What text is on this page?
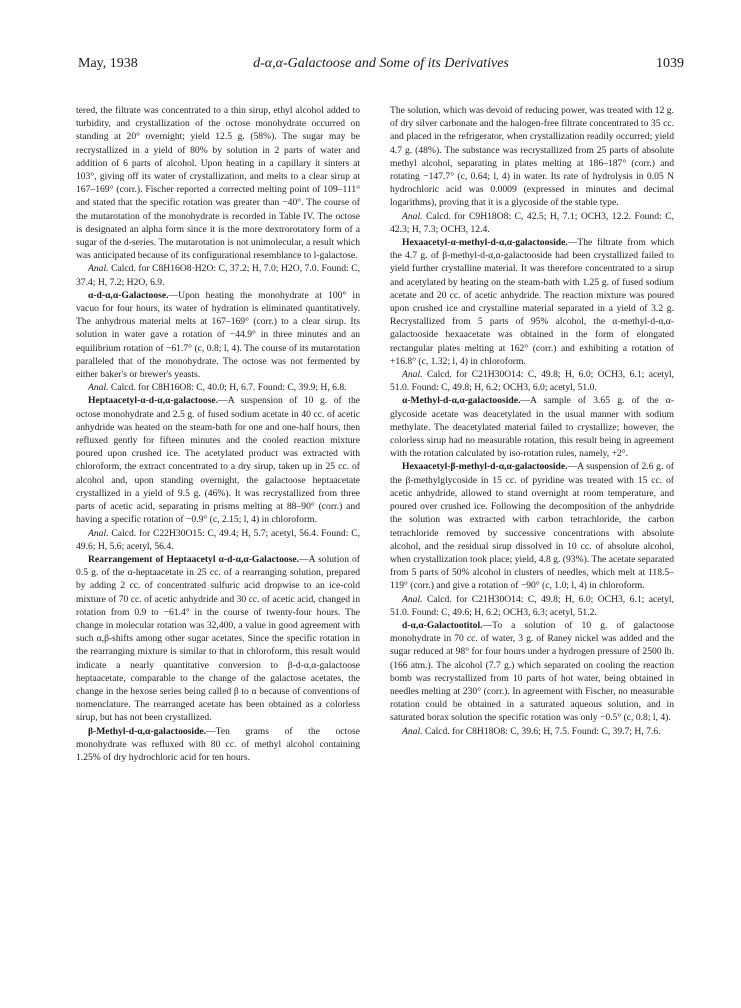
May, 1938	d-α,α-Galactoose and Some of its Derivatives	1039

tered, the filtrate was concentrated to a thin sirup, ethyl alcohol added to turbidity, and crystallization of the octose monohydrate occurred on standing at 20° overnight; yield 12.5 g. (58%). The sugar may be recrystallized in a yield of 80% by solution in 2 parts of water and addition of 6 parts of alcohol. Upon heating in a capillary it sinters at 103°, giving off its water of crystallization, and melts to a clear sirup at 167–169° (corr.). Fischer reported a corrected melting point of 109–111° and stated that the specific rotation was greater than −40°. The course of the mutarotation of the monohydrate is recorded in Table IV. The octose is designated an alpha form since it is the more dextrorotatory form of a sugar of the d-series. The mutarotation is not unimolecular, a result which was anticipated because of its configurational resemblance to l-galactose.

Anal. Calcd. for C8H16O8·H2O: C, 37.2; H, 7.0; H2O, 7.0. Found: C, 37.4; H, 7.2; H2O, 6.9.

α-d-α,α-Galactoose.—Upon heating the monohydrate at 100° in vacuo for four hours, its water of hydration is eliminated quantitatively. The anhydrous material melts at 167–169° (corr.) to a clear sirup. Its solution in water gave a rotation of −44.9° in three minutes and an equilibrium rotation of −61.7° (c, 0.8; l, 4). The course of its mutarotation paralleled that of the monohydrate. The octose was not fermented by either baker's or brewer's yeasts.

Anal. Calcd. for C8H16O8: C, 40.0; H, 6.7. Found: C, 39.9; H, 6.8.

Heptaacetyl-α-d-α,α-galactoose.—A suspension of 10 g. of the octose monohydrate and 2.5 g. of fused sodium acetate in 40 cc. of acetic anhydride was heated on the steam-bath for one and one-half hours, then refluxed gently for fifteen minutes and the cooled reaction mixture poured upon crushed ice. The acetylated product was extracted with chloroform, the extract concentrated to a dry sirup, taken up in 25 cc. of alcohol and, upon standing overnight, the galactoose heptaacetate crystallized in a yield of 9.5 g. (46%). It was recrystallized from three parts of acetic acid, separating in prisms melting at 88–90° (corr.) and having a specific rotation of −0.9° (c, 2.15; l, 4) in chloroform.

Anal. Calcd. for C22H30O15: C, 49.4; H, 5.7; acetyl, 56.4. Found: C, 49.6; H, 5.6; acetyl, 56.4.

Rearrangement of Heptaacetyl α-d-α,α-Galactoose.—A solution of 0.5 g. of the α-heptaacetate in 25 cc. of a rearranging solution, prepared by adding 2 cc. of concentrated sulfuric acid dropwise to an ice-cold mixture of 70 cc. of acetic anhydride and 30 cc. of acetic acid, changed in rotation from 0.9 to −61.4° in the course of twenty-four hours. The change in molecular rotation was 32,400, a value in good agreement with such α,β-shifts among other sugar acetates. Since the specific rotation in the rearranging mixture is similar to that in chloroform, this result would indicate a nearly quantitative conversion to β-d-α,α-galactoose heptaacetate, comparable to the change of the galactose acetates, the change in the hexose series being called β to α because of conventions of nomenclature. The rearranged acetate has been obtained as a colorless sirup, but has not been crystallized.

β-Methyl-d-α,α-galactooside.—Ten grams of the octose monohydrate was refluxed with 80 cc. of methyl alcohol containing 1.25% of dry hydrochloric acid for ten hours.

The solution, which was devoid of reducing power, was treated with 12 g. of dry silver carbonate and the halogen-free filtrate concentrated to 35 cc. and placed in the refrigerator, when crystallization readily occurred; yield 4.7 g. (48%). The substance was recrystallized from 25 parts of absolute methyl alcohol, separating in plates melting at 186–187° (corr.) and rotating −147.7° (c, 0.64; l, 4) in water. Its rate of hydrolysis in 0.05 N hydrochloric acid was 0.0009 (expressed in minutes and decimal logarithms), proving that it is a glycoside of the stable type.

Anal. Calcd. for C9H18O8: C, 42.5; H, 7.1; OCH3, 12.2. Found: C, 42.3; H, 7.3; OCH3, 12.4.

Hexaacetyl-α-methyl-d-α,α-galactooside.—The filtrate from which the 4.7 g. of β-methyl-d-α,α-galactooside had been crystallized failed to yield further crystalline material. It was therefore concentrated to a sirup and acetylated by heating on the steam-bath with 1.25 g. of fused sodium acetate and 20 cc. of acetic anhydride. The reaction mixture was poured upon crushed ice and crystalline material separated in a yield of 3.2 g. Recrystallized from 5 parts of 95% alcohol, the α-methyl-d-α,α-galactooside hexaacetate was obtained in the form of elongated rectangular plates melting at 162° (corr.) and exhibiting a rotation of +16.8° (c, 1.32; l, 4) in chloroform.

Anal. Calcd. for C21H30O14: C, 49.8; H, 6.0; OCH3, 6.1; acetyl, 51.0. Found: C, 49.8; H, 6.2; OCH3, 6.0; acetyl, 51.0.

α-Methyl-d-α,α-galactooside.—A sample of 3.65 g. of the α-glycoside acetate was deacetylated in the usual manner with sodium methylate. The deacetylated material failed to crystallize; however, the colorless sirup had no measurable rotation, this result being in agreement with the rotation calculated by iso-rotation rules, namely, +2°.

Hexaacetyl-β-methyl-d-α,α-galactooside.—A suspension of 2.6 g. of the β-methylglycoside in 15 cc. of pyridine was treated with 15 cc. of acetic anhydride, allowed to stand overnight at room temperature, and poured over crushed ice. Following the decomposition of the anhydride the solution was extracted with carbon tetrachloride, the carbon tetrachloride removed by successive concentrations with absolute alcohol, and the residual sirup dissolved in 10 cc. of absolute alcohol, when crystallization took place; yield, 4.8 g. (93%). The acetate separated from 5 parts of 50% alcohol in clusters of needles, which melt at 118.5–119° (corr.) and give a rotation of −90° (c, 1.0; l, 4) in chloroform.

Anal. Calcd. for C21H30O14: C, 49.8; H, 6.0; OCH3, 6.1; acetyl, 51.0. Found: C, 49.6; H, 6.2; OCH3, 6.3; acetyl, 51.2.

d-α,α-Galactootitol.—To a solution of 10 g. of galactoose monohydrate in 70 cc. of water, 3 g. of Raney nickel was added and the sugar reduced at 98° for four hours under a hydrogen pressure of 2500 lb. (166 atm.). The alcohol (7.7 g.) which separated on cooling the reaction bomb was recrystallized from 10 parts of hot water, being obtained in needles melting at 230° (corr.). In agreement with Fischer, no measurable rotation could be obtained in a saturated aqueous solution, and in saturated borax solution the specific rotation was only −0.5° (c, 0.8; l, 4).

Anal. Calcd. for C8H18O8: C, 39.6; H, 7.5. Found: C, 39.7; H, 7.6.
